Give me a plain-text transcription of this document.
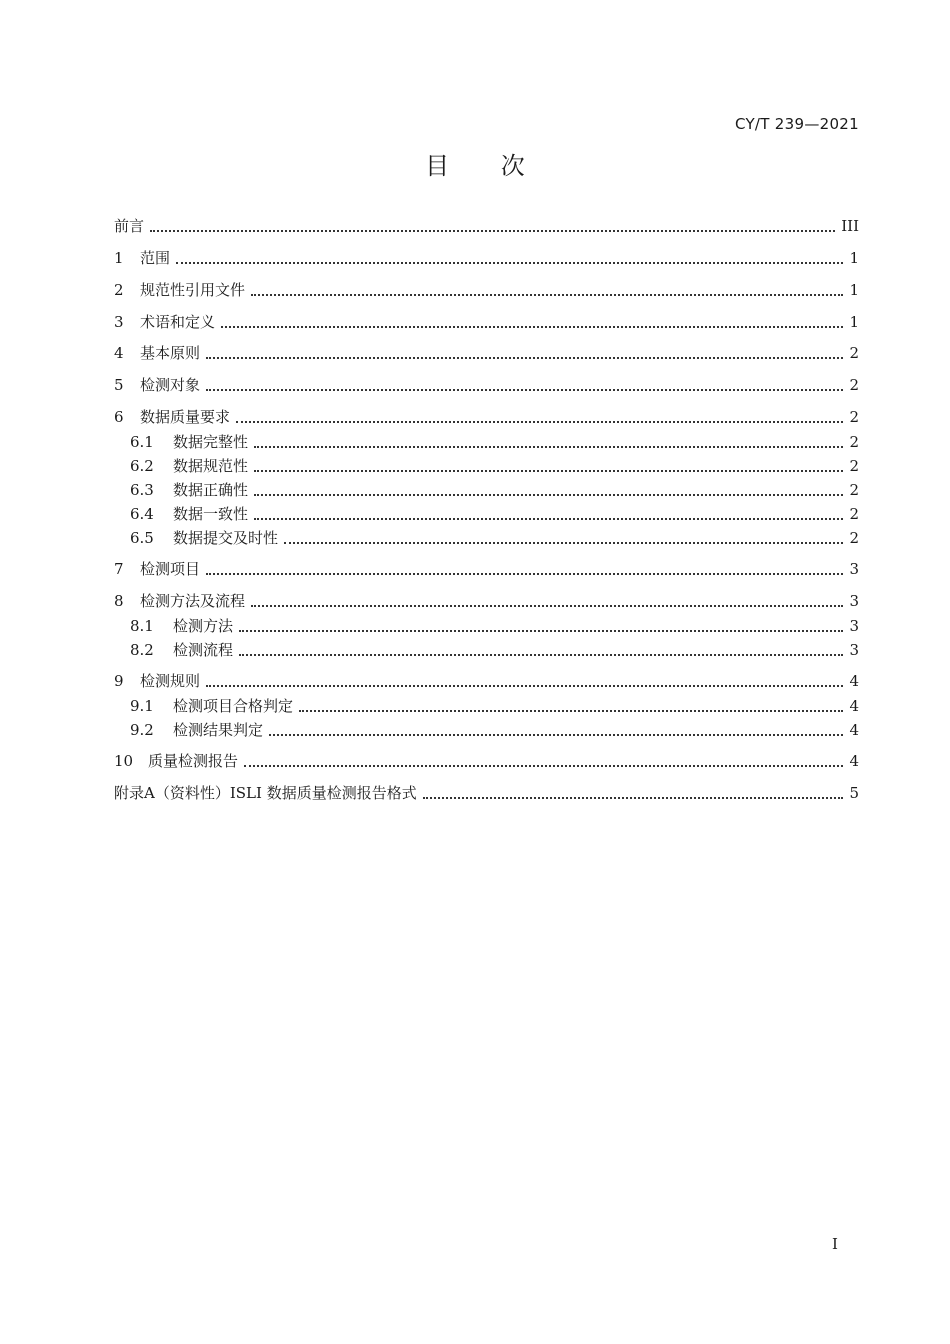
CY/T 239—2021
目 次
前言	III
1	范围	1
2	规范性引用文件	1
3	术语和定义	1
4	基本原则	2
5	检测对象	2
6	数据质量要求	2
6.1	数据完整性	2
6.2	数据规范性	2
6.3	数据正确性	2
6.4	数据一致性	2
6.5	数据提交及时性	2
7	检测项目	3
8	检测方法及流程	3
8.1	检测方法	3
8.2	检测流程	3
9	检测规则	4
9.1	检测项目合格判定	4
9.2	检测结果判定	4
10 质量检测报告	4
附录A（资料性）ISLI 数据质量检测报告格式	5
I
